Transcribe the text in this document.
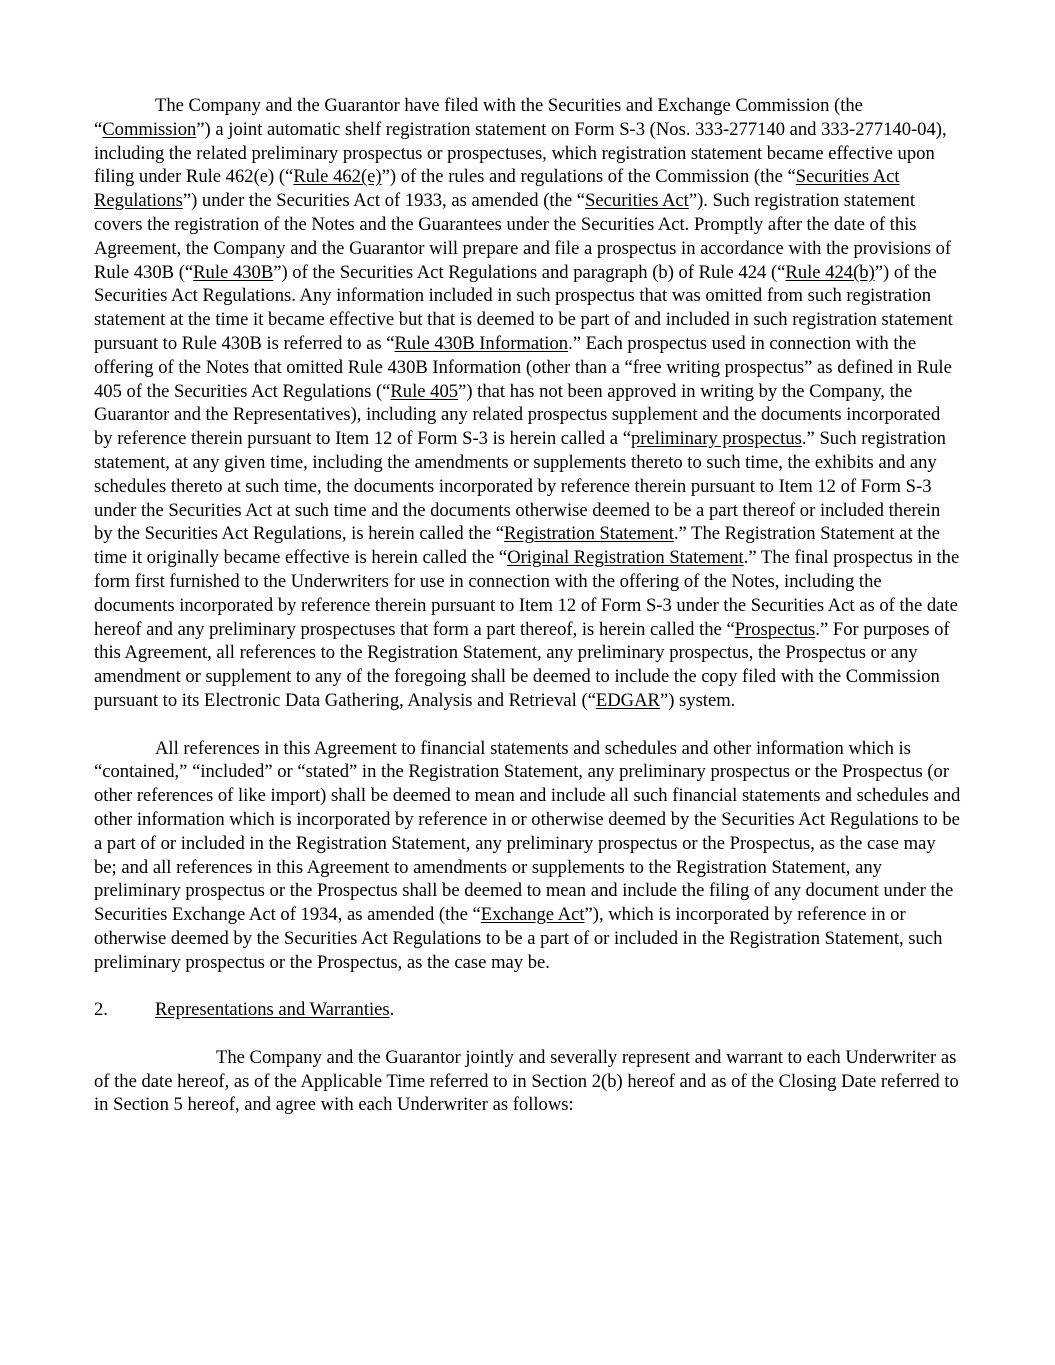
The Company and the Guarantor have filed with the Securities and Exchange Commission (the “Commission”) a joint automatic shelf registration statement on Form S-3 (Nos. 333-277140 and 333-277140-04), including the related preliminary prospectus or prospectuses, which registration statement became effective upon filing under Rule 462(e) (“Rule 462(e)”) of the rules and regulations of the Commission (the “Securities Act Regulations”) under the Securities Act of 1933, as amended (the “Securities Act”). Such registration statement covers the registration of the Notes and the Guarantees under the Securities Act. Promptly after the date of this Agreement, the Company and the Guarantor will prepare and file a prospectus in accordance with the provisions of Rule 430B (“Rule 430B”) of the Securities Act Regulations and paragraph (b) of Rule 424 (“Rule 424(b)”) of the Securities Act Regulations. Any information included in such prospectus that was omitted from such registration statement at the time it became effective but that is deemed to be part of and included in such registration statement pursuant to Rule 430B is referred to as “Rule 430B Information.” Each prospectus used in connection with the offering of the Notes that omitted Rule 430B Information (other than a “free writing prospectus” as defined in Rule 405 of the Securities Act Regulations (“Rule 405”) that has not been approved in writing by the Company, the Guarantor and the Representatives), including any related prospectus supplement and the documents incorporated by reference therein pursuant to Item 12 of Form S-3 is herein called a “preliminary prospectus.” Such registration statement, at any given time, including the amendments or supplements thereto to such time, the exhibits and any schedules thereto at such time, the documents incorporated by reference therein pursuant to Item 12 of Form S-3 under the Securities Act at such time and the documents otherwise deemed to be a part thereof or included therein by the Securities Act Regulations, is herein called the “Registration Statement.” The Registration Statement at the time it originally became effective is herein called the “Original Registration Statement.” The final prospectus in the form first furnished to the Underwriters for use in connection with the offering of the Notes, including the documents incorporated by reference therein pursuant to Item 12 of Form S-3 under the Securities Act as of the date hereof and any preliminary prospectuses that form a part thereof, is herein called the “Prospectus.” For purposes of this Agreement, all references to the Registration Statement, any preliminary prospectus, the Prospectus or any amendment or supplement to any of the foregoing shall be deemed to include the copy filed with the Commission pursuant to its Electronic Data Gathering, Analysis and Retrieval (“EDGAR”) system.

All references in this Agreement to financial statements and schedules and other information which is “contained,” “included” or “stated” in the Registration Statement, any preliminary prospectus or the Prospectus (or other references of like import) shall be deemed to mean and include all such financial statements and schedules and other information which is incorporated by reference in or otherwise deemed by the Securities Act Regulations to be a part of or included in the Registration Statement, any preliminary prospectus or the Prospectus, as the case may be; and all references in this Agreement to amendments or supplements to the Registration Statement, any preliminary prospectus or the Prospectus shall be deemed to mean and include the filing of any document under the Securities Exchange Act of 1934, as amended (the “Exchange Act”), which is incorporated by reference in or otherwise deemed by the Securities Act Regulations to be a part of or included in the Registration Statement, such preliminary prospectus or the Prospectus, as the case may be.

2.	Representations and Warranties.

The Company and the Guarantor jointly and severally represent and warrant to each Underwriter as of the date hereof, as of the Applicable Time referred to in Section 2(b) hereof and as of the Closing Date referred to in Section 5 hereof, and agree with each Underwriter as follows:
